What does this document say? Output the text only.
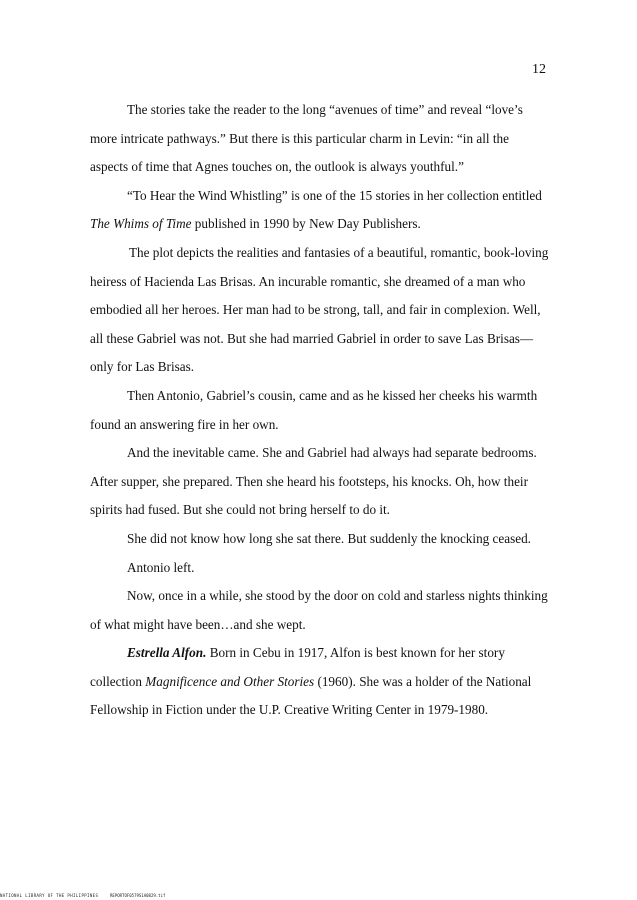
12

The stories take the reader to the long “avenues of time” and reveal “love’s more intricate pathways.” But there is this particular charm in Levin: “in all the aspects of time that Agnes touches on, the outlook is always youthful.”

“To Hear the Wind Whistling” is one of the 15 stories in her collection entitled The Whims of Time published in 1990 by New Day Publishers.

The plot depicts the realities and fantasies of a beautiful, romantic, book-loving heiress of Hacienda Las Brisas. An incurable romantic, she dreamed of a man who embodied all her heroes. Her man had to be strong, tall, and fair in complexion. Well, all these Gabriel was not. But she had married Gabriel in order to save Las Brisas—only for Las Brisas.

Then Antonio, Gabriel’s cousin, came and as he kissed her cheeks his warmth found an answering fire in her own.

And the inevitable came. She and Gabriel had always had separate bedrooms. After supper, she prepared. Then she heard his footsteps, his knocks. Oh, how their spirits had fused. But she could not bring herself to do it.

She did not know how long she sat there. But suddenly the knocking ceased.

Antonio left.

Now, once in a while, she stood by the door on cold and starless nights thinking of what might have been…and she wept.

Estrella Alfon. Born in Cebu in 1917, Alfon is best known for her story collection Magnificence and Other Stories (1960). She was a holder of the National Fellowship in Fiction under the U.P. Creative Writing Center in 1979-1980.

NATIONAL LIBRARY OF THE PHILIPPINES	REPORTOF0579S1A0829.tif
